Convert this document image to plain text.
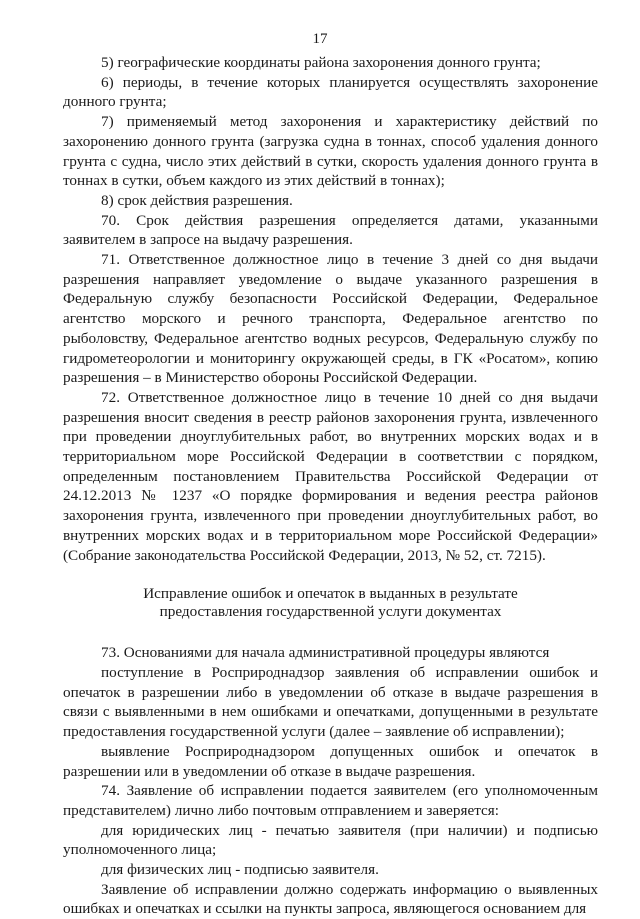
17

5) географические координаты района захоронения донного грунта;

6) периоды, в течение которых планируется осуществлять захоронение донного грунта;

7) применяемый метод захоронения и характеристику действий по захоронению донного грунта (загрузка судна в тоннах, способ удаления донного грунта с судна, число этих действий в сутки, скорость удаления донного грунта в тоннах в сутки, объем каждого из этих действий в тоннах);

8) срок действия разрешения.

70. Срок действия разрешения определяется датами, указанными заявителем в запросе на выдачу разрешения.

71. Ответственное должностное лицо в течение 3 дней со дня выдачи разрешения направляет уведомление о выдаче указанного разрешения в Федеральную службу безопасности Российской Федерации, Федеральное агентство морского и речного транспорта, Федеральное агентство по рыболовству, Федеральное агентство водных ресурсов, Федеральную службу по гидрометеорологии и мониторингу окружающей среды, в ГК «Росатом», копию разрешения – в Министерство обороны Российской Федерации.

72. Ответственное должностное лицо в течение 10 дней со дня выдачи разрешения вносит сведения в реестр районов захоронения грунта, извлеченного при проведении дноуглубительных работ, во внутренних морских водах и в территориальном море Российской Федерации в соответствии с порядком, определенным постановлением Правительства Российской Федерации от 24.12.2013 № 1237 «О порядке формирования и ведения реестра районов захоронения грунта, извлеченного при проведении дноуглубительных работ, во внутренних морских водах и в территориальном море Российской Федерации» (Собрание законодательства Российской Федерации, 2013, № 52, ст. 7215).

Исправление ошибок и опечаток в выданных в результате
предоставления государственной услуги документах

73. Основаниями для начала административной процедуры являются

поступление в Росприроднадзор заявления об исправлении ошибок и опечаток в разрешении либо в уведомлении об отказе в выдаче разрешения в связи с выявленными в нем ошибками и опечатками, допущенными в результате предоставления государственной услуги (далее – заявление об исправлении);

выявление Росприроднадзором допущенных ошибок и опечаток в разрешении или в уведомлении об отказе в выдаче разрешения.

74. Заявление об исправлении подается заявителем (его уполномоченным представителем) лично либо почтовым отправлением и заверяется:

для юридических лиц - печатью заявителя (при наличии) и подписью уполномоченного лица;

для физических лиц - подписью заявителя.

Заявление об исправлении должно содержать информацию о выявленных ошибках и опечатках и ссылки на пункты запроса, являющегося основанием для
